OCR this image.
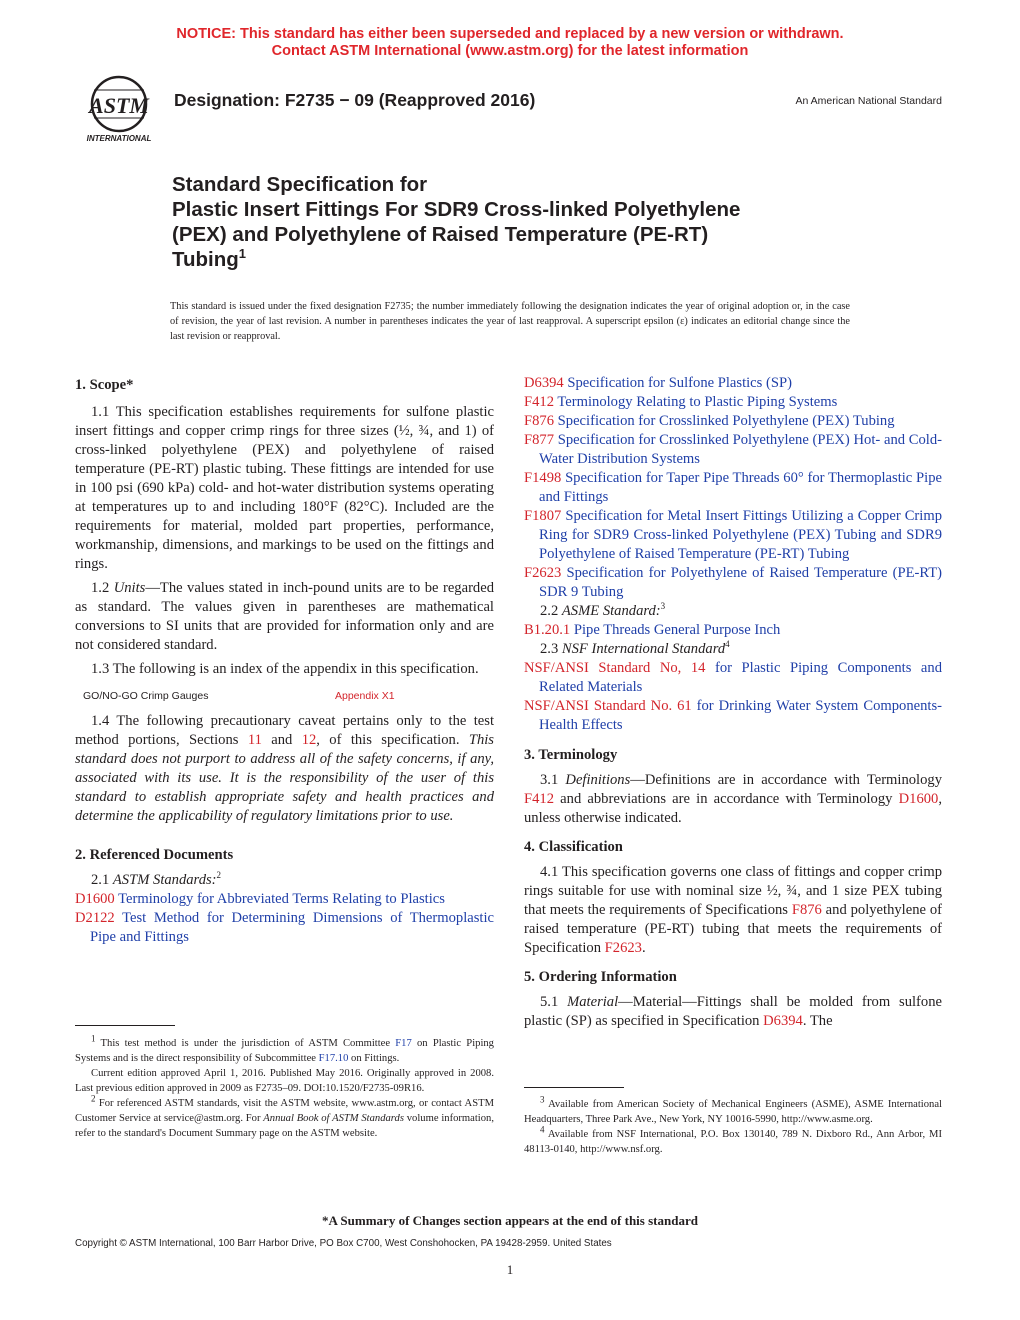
NOTICE: This standard has either been superseded and replaced by a new version or withdrawn.
Contact ASTM International (www.astm.org) for the latest information
ASTM
INTERNATIONAL
Designation: F2735 − 09 (Reapproved 2016)	An American National Standard
Standard Specification for
Plastic Insert Fittings For SDR9 Cross-linked Polyethylene
(PEX) and Polyethylene of Raised Temperature (PE-RT)
Tubing$^1$
This standard is issued under the fixed designation F2735; the number immediately following the designation indicates the year of original adoption or, in the case of revision, the year of last revision. A number in parentheses indicates the year of last reapproval. A superscript epsilon (ε) indicates an editorial change since the last revision or reapproval.

1. Scope*

1.1 This specification establishes requirements for sulfone plastic insert fittings and copper crimp rings for three sizes (½, ¾, and 1) of cross-linked polyethylene (PEX) and polyethylene of raised temperature (PE-RT) plastic tubing. These fittings are intended for use in 100 psi (690 kPa) cold- and hot-water distribution systems operating at temperatures up to and including 180°F (82°C). Included are the requirements for material, molded part properties, performance, workmanship, dimensions, and markings to be used on the fittings and rings.

1.2 Units—The values stated in inch-pound units are to be regarded as standard. The values given in parentheses are mathematical conversions to SI units that are provided for information only and are not considered standard.

1.3 The following is an index of the appendix in this specification.

GO/NO-GO Crimp Gauges	Appendix X1

1.4 The following precautionary caveat pertains only to the test method portions, Sections 11 and 12, of this specification. This standard does not purport to address all of the safety concerns, if any, associated with its use. It is the responsibility of the user of this standard to establish appropriate safety and health practices and determine the applicability of regulatory limitations prior to use.

2. Referenced Documents

2.1 ASTM Standards:$^2$

D1600 Terminology for Abbreviated Terms Relating to Plastics

D2122 Test Method for Determining Dimensions of Thermoplastic Pipe and Fittings

$^1$ This test method is under the jurisdiction of ASTM Committee F17 on Plastic Piping Systems and is the direct responsibility of Subcommittee F17.10 on Fittings.

Current edition approved April 1, 2016. Published May 2016. Originally approved in 2008. Last previous edition approved in 2009 as F2735–09. DOI:10.1520/F2735-09R16.

$^2$ For referenced ASTM standards, visit the ASTM website, www.astm.org, or contact ASTM Customer Service at service@astm.org. For Annual Book of ASTM Standards volume information, refer to the standard's Document Summary page on the ASTM website.

D6394 Specification for Sulfone Plastics (SP)

F412 Terminology Relating to Plastic Piping Systems

F876 Specification for Crosslinked Polyethylene (PEX) Tubing

F877 Specification for Crosslinked Polyethylene (PEX) Hot- and Cold-Water Distribution Systems

F1498 Specification for Taper Pipe Threads 60° for Thermoplastic Pipe and Fittings

F1807 Specification for Metal Insert Fittings Utilizing a Copper Crimp Ring for SDR9 Cross-linked Polyethylene (PEX) Tubing and SDR9 Polyethylene of Raised Temperature (PE-RT) Tubing

F2623 Specification for Polyethylene of Raised Temperature (PE-RT) SDR 9 Tubing

2.2 ASME Standard:$^3$

B1.20.1 Pipe Threads General Purpose Inch

2.3 NSF International Standard$^4$

NSF/ANSI Standard No, 14 for Plastic Piping Components and Related Materials

NSF/ANSI Standard No. 61 for Drinking Water System Components-Health Effects

3. Terminology

3.1 Definitions—Definitions are in accordance with Terminology F412 and abbreviations are in accordance with Terminology D1600, unless otherwise indicated.

4. Classification

4.1 This specification governs one class of fittings and copper crimp rings suitable for use with nominal size ½, ¾, and 1 size PEX tubing that meets the requirements of Specifications F876 and polyethylene of raised temperature (PE-RT) tubing that meets the requirements of Specification F2623.

5. Ordering Information

5.1 Material—Material—Fittings shall be molded from sulfone plastic (SP) as specified in Specification D6394. The

$^3$ Available from American Society of Mechanical Engineers (ASME), ASME International Headquarters, Three Park Ave., New York, NY 10016-5990, http://www.asme.org.

$^4$ Available from NSF International, P.O. Box 130140, 789 N. Dixboro Rd., Ann Arbor, MI 48113-0140, http://www.nsf.org.

*A Summary of Changes section appears at the end of this standard
Copyright © ASTM International, 100 Barr Harbor Drive, PO Box C700, West Conshohocken, PA 19428-2959. United States
1
